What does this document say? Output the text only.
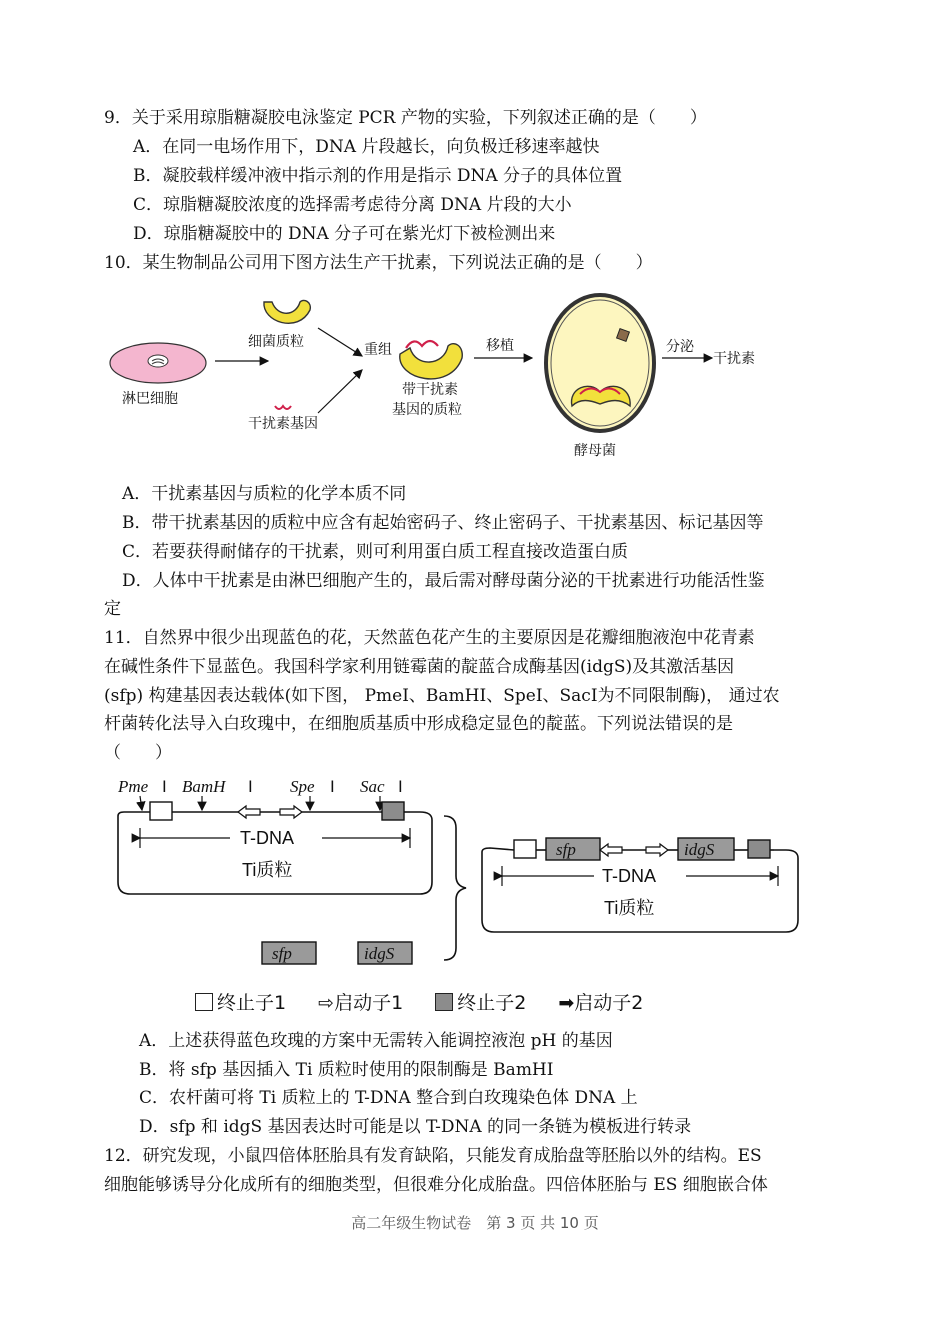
9．关于采用琼脂糖凝胶电泳鉴定 PCR 产物的实验，下列叙述正确的是（　　）
A．在同一电场作用下，DNA 片段越长，向负极迁移速率越快
B．凝胶载样缓冲液中指示剂的作用是指示 DNA 分子的具体位置
C．琼脂糖凝胶浓度的选择需考虑待分离 DNA 片段的大小
D．琼脂糖凝胶中的 DNA 分子可在紫光灯下被检测出来
10．某生物制品公司用下图方法生产干扰素，下列说法正确的是（　　）
淋巴细胞
细菌质粒
干扰素基因
重组
带干扰素
基因的质粒
移植
酵母菌
分泌
干扰素
A．干扰素基因与质粒的化学本质不同
B．带干扰素基因的质粒中应含有起始密码子、终止密码子、干扰素基因、标记基因等
C．若要获得耐储存的干扰素，则可利用蛋白质工程直接改造蛋白质
D．人体中干扰素是由淋巴细胞产生的，最后需对酵母菌分泌的干扰素进行功能活性鉴
定
11．自然界中很少出现蓝色的花，天然蓝色花产生的主要原因是花瓣细胞液泡中花青素
在碱性条件下显蓝色。我国科学家利用链霉菌的靛蓝合成酶基因(idgS)及其激活基因
(sfp) 构建基因表达载体(如下图， PmeⅠ、BamHⅠ、SpeⅠ、SacⅠ为不同限制酶)， 通过农
杆菌转化法导入白玫瑰中，在细胞质基质中形成稳定显色的靛蓝。下列说法错误的是
（　　）
Pme I BamH I Spe I Sac I
T-DNA
Ti质粒
sfp	idgS
sfp	idgS
T-DNA
Ti质粒
终止子1 ⇨启动子1	终止子2 ➡启动子2
A．上述获得蓝色玫瑰的方案中无需转入能调控液泡 pH 的基因
B．将 sfp 基因插入 Ti 质粒时使用的限制酶是 BamHI
C．农杆菌可将 Ti 质粒上的 T-DNA 整合到白玫瑰染色体 DNA 上
D．sfp 和 idgS 基因表达时可能是以 T-DNA 的同一条链为模板进行转录
12．研究发现，小鼠四倍体胚胎具有发育缺陷，只能发育成胎盘等胚胎以外的结构。ES
细胞能够诱导分化成所有的细胞类型，但很难分化成胎盘。四倍体胚胎与 ES 细胞嵌合体
高二年级生物试卷　第 3 页 共 10 页
